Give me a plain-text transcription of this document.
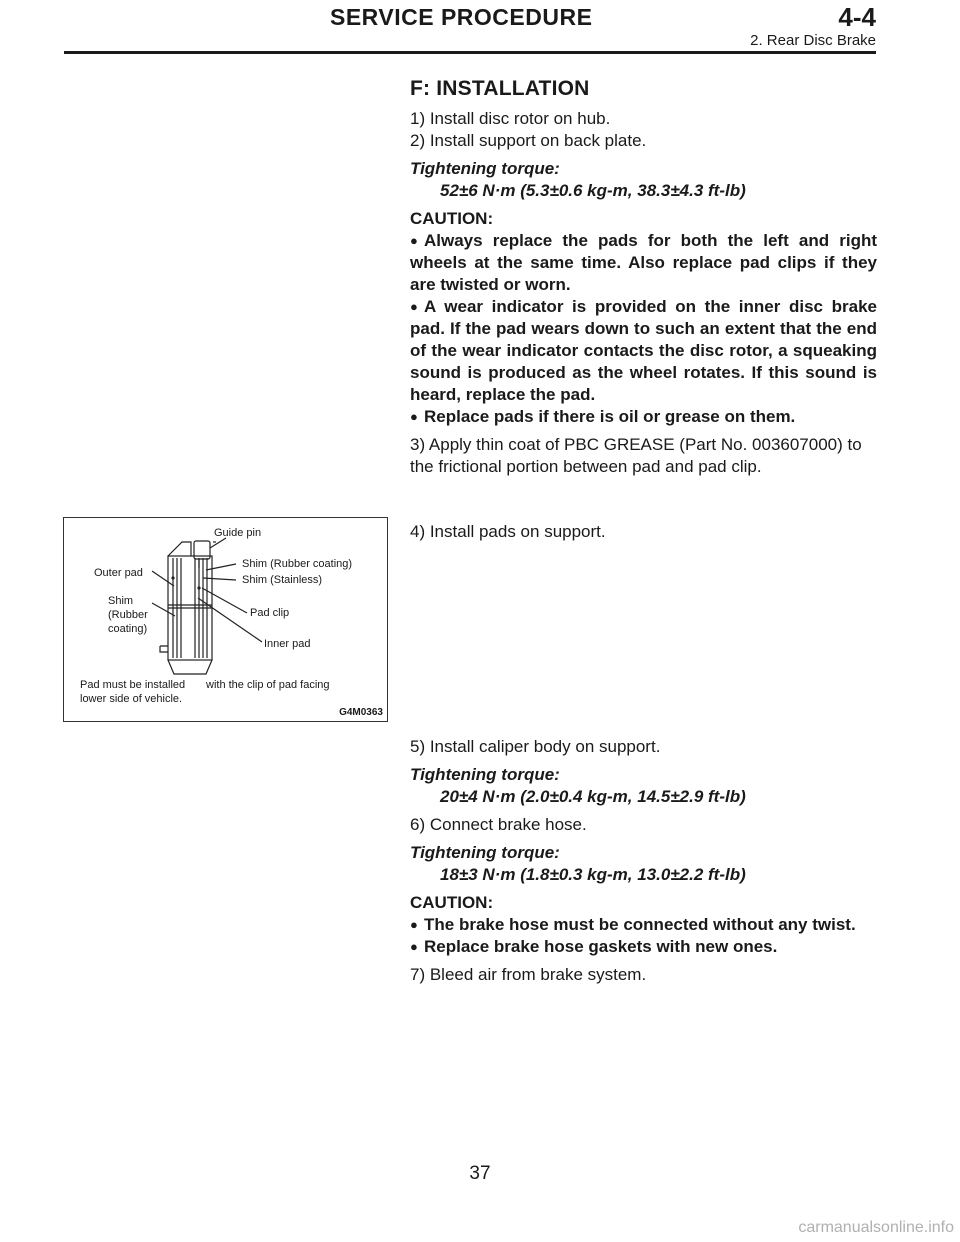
SERVICE PROCEDURE	4-4
2. Rear Disc Brake
F: INSTALLATION

1) Install disc rotor on hub.

2) Install support on back plate.

Tightening torque:

52±6 N·m (5.3±0.6 kg-m, 38.3±4.3 ft-lb)

CAUTION:

● Always replace the pads for both the left and right wheels at the same time. Also replace pad clips if they are twisted or worn.

● A wear indicator is provided on the inner disc brake pad. If the pad wears down to such an extent that the end of the wear indicator contacts the disc rotor, a squeaking sound is produced as the wheel rotates. If this sound is heard, replace the pad.

● Replace pads if there is oil or grease on them.

3) Apply thin coat of PBC GREASE (Part No. 003607000) to the frictional portion between pad and pad clip.

4) Install pads on support.

Guide pin
Shim (Rubber coating)
Shim (Stainless)
Outer pad
Shim
(Rubber
coating)
Pad clip
Inner pad
Pad must be installed with the clip of pad facing
lower side of vehicle.
G4M0363

5) Install caliper body on support.

Tightening torque:

20±4 N·m (2.0±0.4 kg-m, 14.5±2.9 ft-lb)

6) Connect brake hose.

Tightening torque:

18±3 N·m (1.8±0.3 kg-m, 13.0±2.2 ft-lb)

CAUTION:

● The brake hose must be connected without any twist.

● Replace brake hose gaskets with new ones.

7) Bleed air from brake system.

37
carmanualsonline.info
